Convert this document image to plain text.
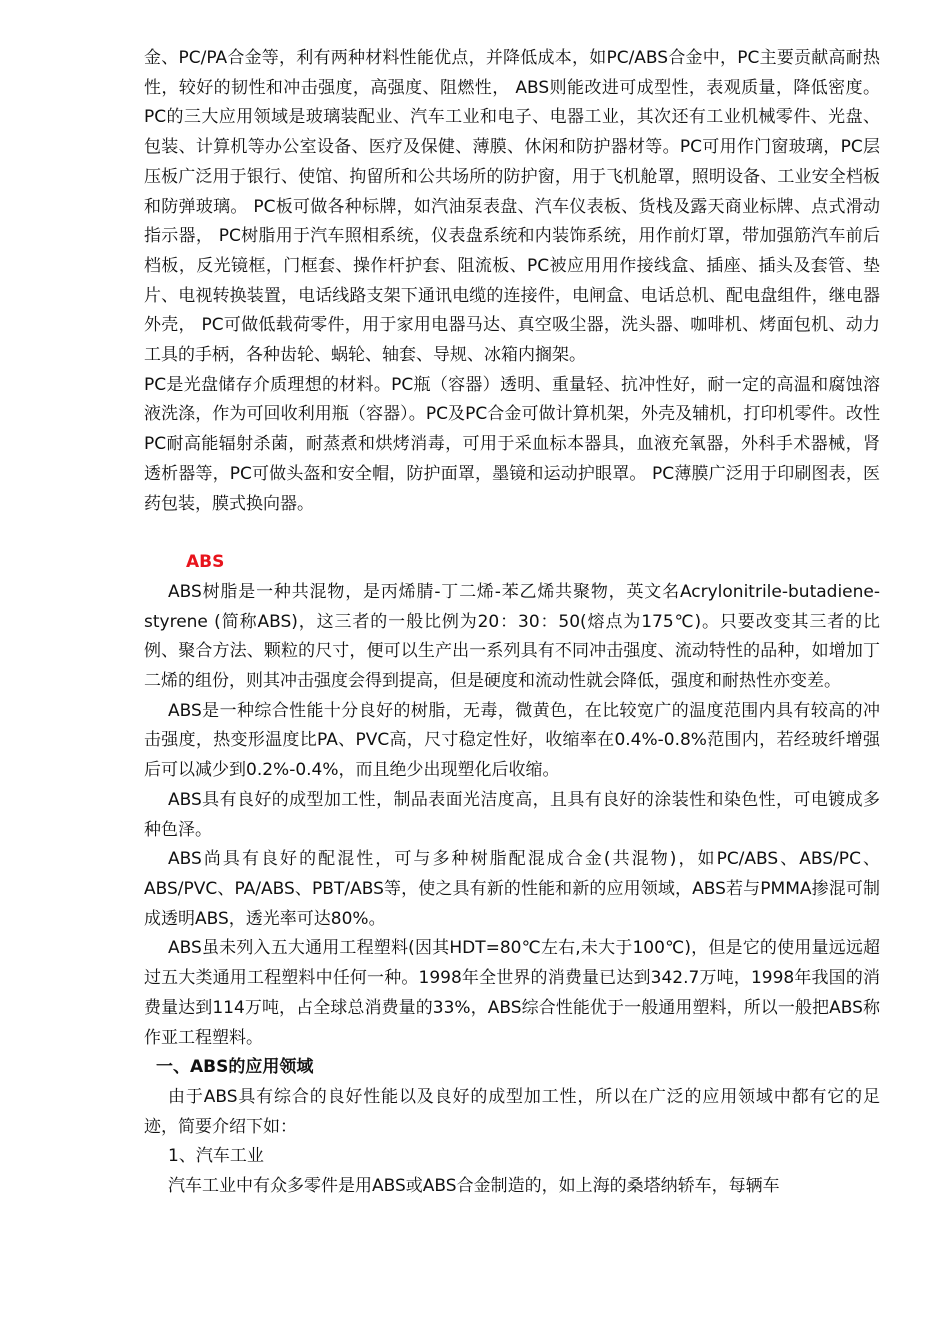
金、PC/PA合金等，利有两种材料性能优点，并降低成本，如PC/ABS合金中，PC主要贡献高耐热性，较好的韧性和冲击强度，高强度、阻燃性， ABS则能改进可成型性，表观质量，降低密度。PC的三大应用领域是玻璃装配业、汽车工业和电子、电器工业，其次还有工业机械零件、光盘、包装、计算机等办公室设备、医疗及保健、薄膜、休闲和防护器材等。PC可用作门窗玻璃，PC层压板广泛用于银行、使馆、拘留所和公共场所的防护窗，用于飞机舱罩，照明设备、工业安全档板和防弹玻璃。 PC板可做各种标牌，如汽油泵表盘、汽车仪表板、货栈及露天商业标牌、点式滑动指示器， PC树脂用于汽车照相系统，仪表盘系统和内装饰系统，用作前灯罩，带加强筋汽车前后档板，反光镜框，门框套、操作杆护套、阻流板、PC被应用用作接线盒、插座、插头及套管、垫片、电视转换装置，电话线路支架下通讯电缆的连接件，电闸盒、电话总机、配电盘组件，继电器外壳， PC可做低载荷零件，用于家用电器马达、真空吸尘器，洗头器、咖啡机、烤面包机、动力工具的手柄，各种齿轮、蜗轮、轴套、导规、冰箱内搁架。

PC是光盘储存介质理想的材料。PC瓶（容器）透明、重量轻、抗冲性好，耐一定的高温和腐蚀溶液洗涤，作为可回收利用瓶（容器）。PC及PC合金可做计算机架，外壳及辅机，打印机零件。改性PC耐高能辐射杀菌，耐蒸煮和烘烤消毒，可用于采血标本器具，血液充氧器，外科手术器械，肾透析器等，PC可做头盔和安全帽，防护面罩，墨镜和运动护眼罩。 PC薄膜广泛用于印刷图表，医药包装，膜式换向器。

ABS

ABS树脂是一种共混物，是丙烯腈-丁二烯-苯乙烯共聚物，英文名Acrylonitrile-butadiene-styrene (简称ABS)，这三者的一般比例为20：30：50(熔点为175℃)。只要改变其三者的比例、聚合方法、颗粒的尺寸，便可以生产出一系列具有不同冲击强度、流动特性的品种，如增加丁二烯的组份，则其冲击强度会得到提高，但是硬度和流动性就会降低，强度和耐热性亦变差。

ABS是一种综合性能十分良好的树脂，无毒，微黄色，在比较宽广的温度范围内具有较高的冲击强度，热变形温度比PA、PVC高，尺寸稳定性好，收缩率在0.4%-0.8%范围内，若经玻纤增强后可以减少到0.2%-0.4%，而且绝少出现塑化后收缩。

ABS具有良好的成型加工性，制品表面光洁度高，且具有良好的涂装性和染色性，可电镀成多种色泽。

ABS尚具有良好的配混性，可与多种树脂配混成合金(共混物)，如PC/ABS、ABS/PC、ABS/PVC、PA/ABS、PBT/ABS等，使之具有新的性能和新的应用领域，ABS若与PMMA掺混可制成透明ABS，透光率可达80%。

ABS虽未列入五大通用工程塑料(因其HDT=80℃左右,未大于100℃)，但是它的使用量远远超过五大类通用工程塑料中任何一种。1998年全世界的消费量已达到342.7万吨，1998年我国的消费量达到114万吨，占全球总消费量的33%，ABS综合性能优于一般通用塑料，所以一般把ABS称作亚工程塑料。

一、ABS的应用领域

由于ABS具有综合的良好性能以及良好的成型加工性，所以在广泛的应用领域中都有它的足迹，简要介绍下如：

1、汽车工业

汽车工业中有众多零件是用ABS或ABS合金制造的，如上海的桑塔纳轿车，每辆车
